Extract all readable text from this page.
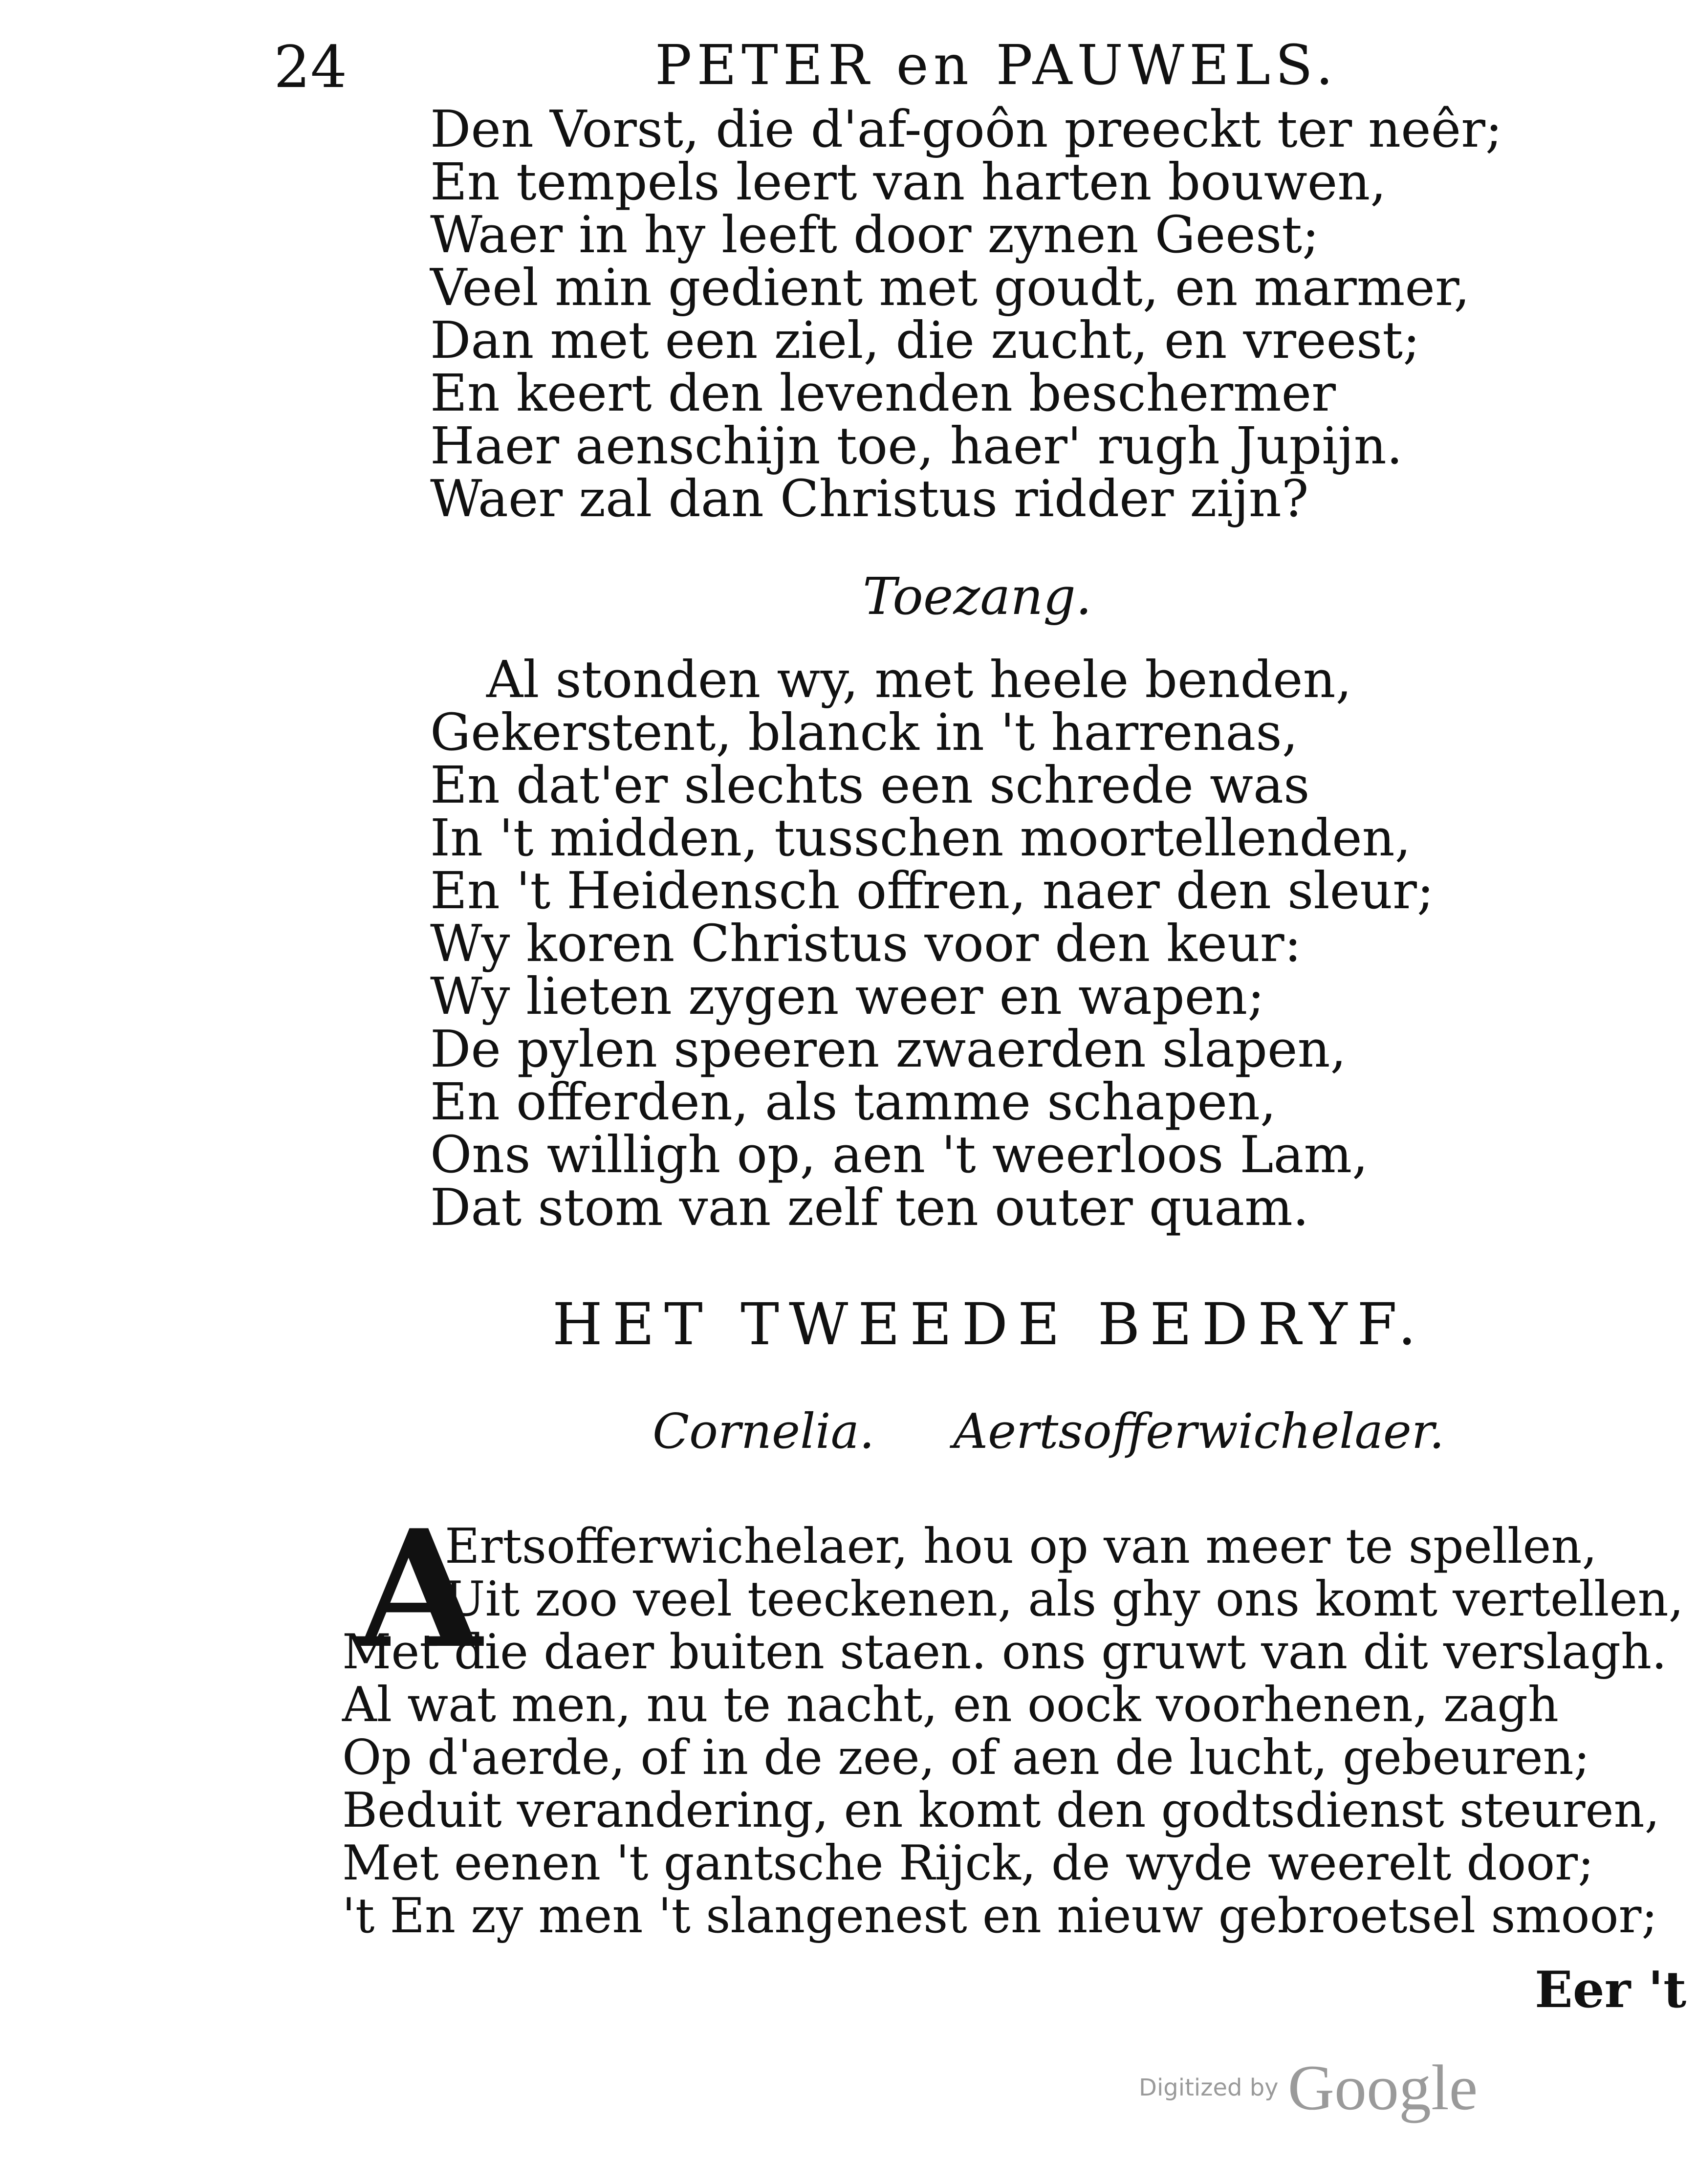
24	PETER en PAUWELS.
Den Vorst, die d'af-goôn preeckt ter neêr;
En tempels leert van harten bouwen,
Waer in hy leeft door zynen Geest;
Veel min gedient met goudt, en marmer,
Dan met een ziel, die zucht, en vreest;
En keert den levenden beschermer
Haer aenschijn toe, haer' rugh Jupijn.
Waer zal dan Christus ridder zijn?
Toezang.
Al stonden wy, met heele benden,
Gekerstent, blanck in 't harrenas,
En dat'er slechts een schrede was
In 't midden, tusschen moortellenden,
En 't Heidensch offren, naer den sleur;
Wy koren Christus voor den keur:
Wy lieten zygen weer en wapen;
De pylen speeren zwaerden slapen,
En offerden, als tamme schapen,
Ons willigh op, aen 't weerloos Lam,
Dat stom van zelf ten outer quam.
HET TWEEDE BEDRYF.
Cornelia. Aertsofferwichelaer.
A
Ertsofferwichelaer, hou op van meer te spellen,
Uit zoo veel teeckenen, als ghy ons komt vertellen,
Met die daer buiten staen. ons gruwt van dit verslagh.
Al wat men, nu te nacht, en oock voorhenen, zagh
Op d'aerde, of in de zee, of aen de lucht, gebeuren;
Beduit verandering, en komt den godtsdienst steuren,
Met eenen 't gantsche Rijck, de wyde weerelt door;
't En zy men 't slangenest en nieuw gebroetsel smoor;
Eer 't
Digitized by Google
